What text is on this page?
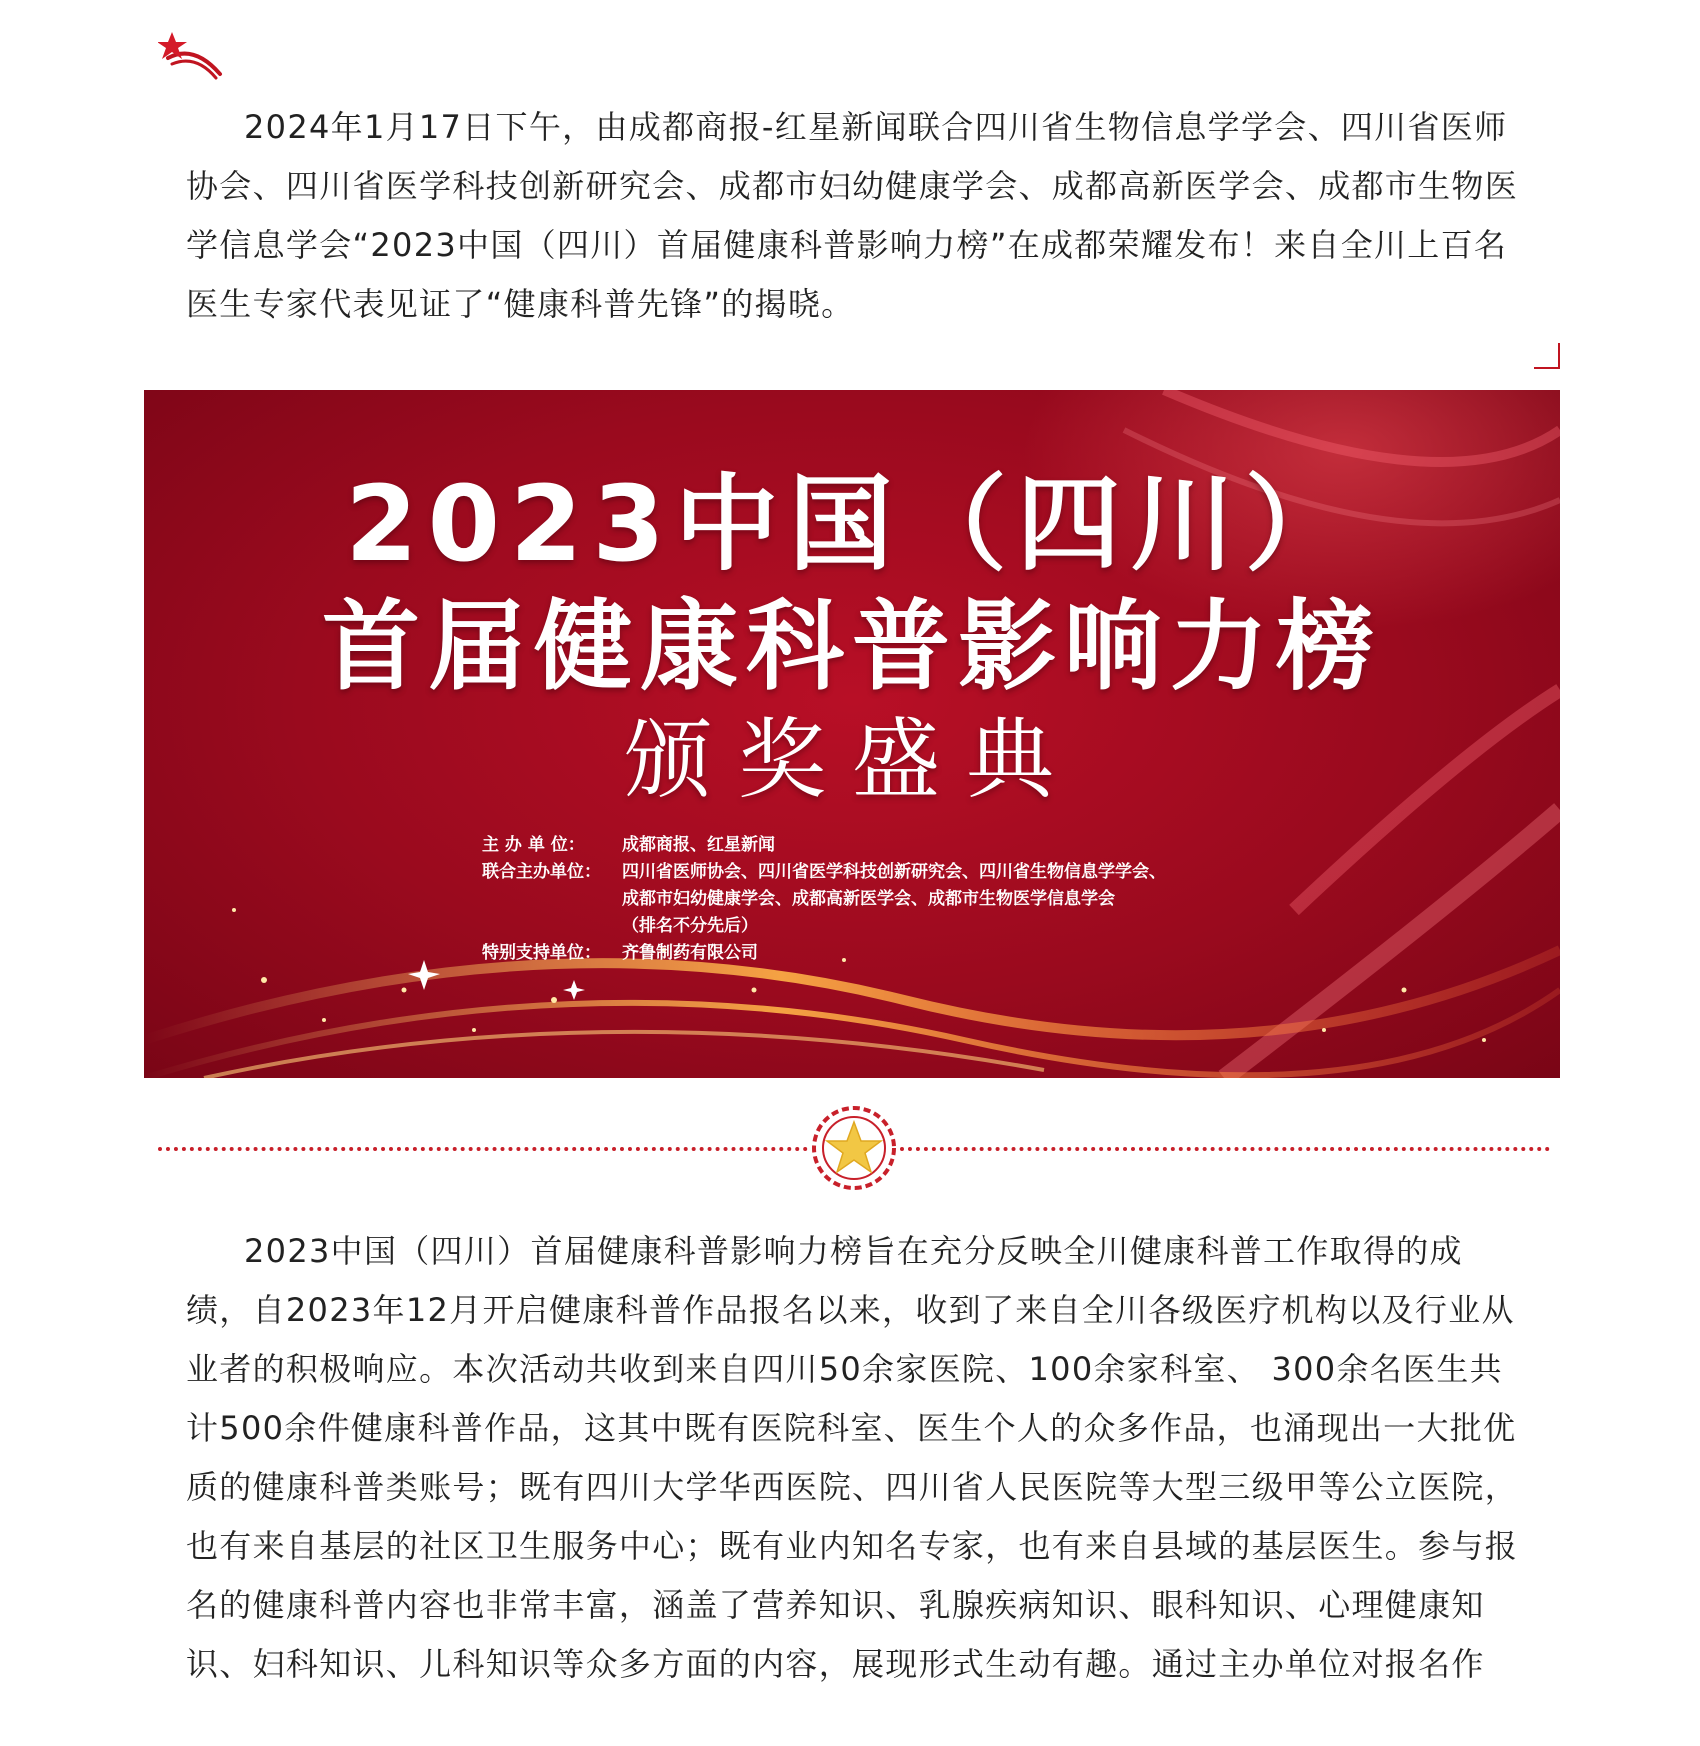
2024年1月17日下午，由成都商报-红星新闻联合四川省生物信息学学会、四川省医师协会、四川省医学科技创新研究会、成都市妇幼健康学会、成都高新医学会、成都市生物医学信息学会“2023中国（四川）首届健康科普影响力榜”在成都荣耀发布！来自全川上百名医生专家代表见证了“健康科普先锋”的揭晓。

2023中国（四川）
首届健康科普影响力榜
颁奖盛典
主 办 单 位：	成都商报、红星新闻
联合主办单位：	四川省医师协会、四川省医学科技创新研究会、四川省生物信息学学会、
成都市妇幼健康学会、成都高新医学会、成都市生物医学信息学会
（排名不分先后）
特别支持单位：	齐鲁制药有限公司

2023中国（四川）首届健康科普影响力榜旨在充分反映全川健康科普工作取得的成绩，自2023年12月开启健康科普作品报名以来，收到了来自全川各级医疗机构以及行业从业者的积极响应。本次活动共收到来自四川50余家医院、100余家科室、 300余名医生共计500余件健康科普作品，这其中既有医院科室、医生个人的众多作品，也涌现出一大批优质的健康科普类账号；既有四川大学华西医院、四川省人民医院等大型三级甲等公立医院，也有来自基层的社区卫生服务中心；既有业内知名专家，也有来自县域的基层医生。参与报名的健康科普内容也非常丰富，涵盖了营养知识、乳腺疾病知识、眼科知识、心理健康知识、妇科知识、儿科知识等众多方面的内容，展现形式生动有趣。通过主办单位对报名作
